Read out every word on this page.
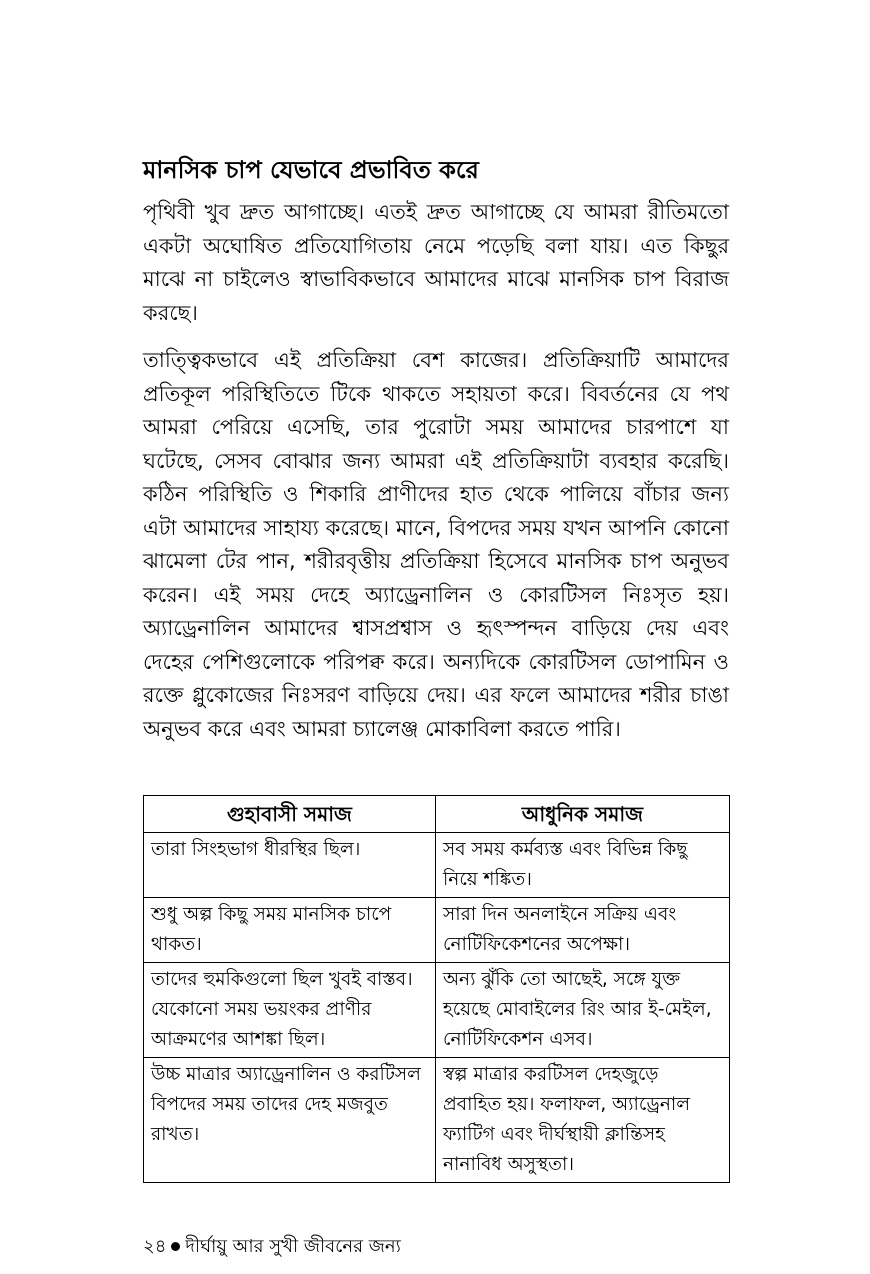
মানসিক চাপ যেভাবে প্রভাবিত করে

পৃথিবী খুব দ্রুত আগাচ্ছে। এতই দ্রুত আগাচ্ছে যে আমরা রীতিমতো একটা অঘোষিত প্রতিযোগিতায় নেমে পড়েছি বলা যায়। এত কিছুর মাঝে না চাইলেও স্বাভাবিকভাবে আমাদের মাঝে মানসিক চাপ বিরাজ করছে।

তাত্ত্বিকভাবে এই প্রতিক্রিয়া বেশ কাজের। প্রতিক্রিয়াটি আমাদের প্রতিকূল পরিস্থিতিতে টিকে থাকতে সহায়তা করে। বিবর্তনের যে পথ আমরা পেরিয়ে এসেছি, তার পুরোটা সময় আমাদের চারপাশে যা ঘটেছে, সেসব বোঝার জন্য আমরা এই প্রতিক্রিয়াটা ব্যবহার করেছি। কঠিন পরিস্থিতি ও শিকারি প্রাণীদের হাত থেকে পালিয়ে বাঁচার জন্য এটা আমাদের সাহায্য করেছে। মানে, বিপদের সময় যখন আপনি কোনো ঝামেলা টের পান, শরীরবৃত্তীয় প্রতিক্রিয়া হিসেবে মানসিক চাপ অনুভব করেন। এই সময় দেহে অ্যাড্রেনালিন ও কোরটিসল নিঃসৃত হয়। অ্যাড্রেনালিন আমাদের শ্বাসপ্রশ্বাস ও হৃৎস্পন্দন বাড়িয়ে দেয় এবং দেহের পেশিগুলোকে পরিপক্ব করে। অন্যদিকে কোরটিসল ডোপামিন ও রক্তে গ্লুকোজের নিঃসরণ বাড়িয়ে দেয়। এর ফলে আমাদের শরীর চাঙা অনুভব করে এবং আমরা চ্যালেঞ্জ মোকাবিলা করতে পারি।

গুহাবাসী সমাজ	আধুনিক সমাজ
তারা সিংহভাগ ধীরস্থির ছিল।	সব সময় কর্মব্যস্ত এবং বিভিন্ন কিছু নিয়ে শঙ্কিত।
শুধু অল্প কিছু সময় মানসিক চাপে থাকত।	সারা দিন অনলাইনে সক্রিয় এবং নোটিফিকেশনের অপেক্ষা।
তাদের হুমকিগুলো ছিল খুবই বাস্তব। যেকোনো সময় ভয়ংকর প্রাণীর আক্রমণের আশঙ্কা ছিল।	অন্য ঝুঁকি তো আছেই, সঙ্গে যুক্ত হয়েছে মোবাইলের রিং আর ই-মেইল, নোটিফিকেশন এসব।
উচ্চ মাত্রার অ্যাড্রেনালিন ও করটিসল বিপদের সময় তাদের দেহ মজবুত রাখত।	স্বল্প মাত্রার করটিসল দেহজুড়ে প্রবাহিত হয়। ফলাফল, অ্যাড্রেনাল ফ্যাটিগ এবং দীর্ঘস্থায়ী ক্লান্তিসহ নানাবিধ অসুস্থতা।
২৪ দীর্ঘায়ু আর সুখী জীবনের জন্য
